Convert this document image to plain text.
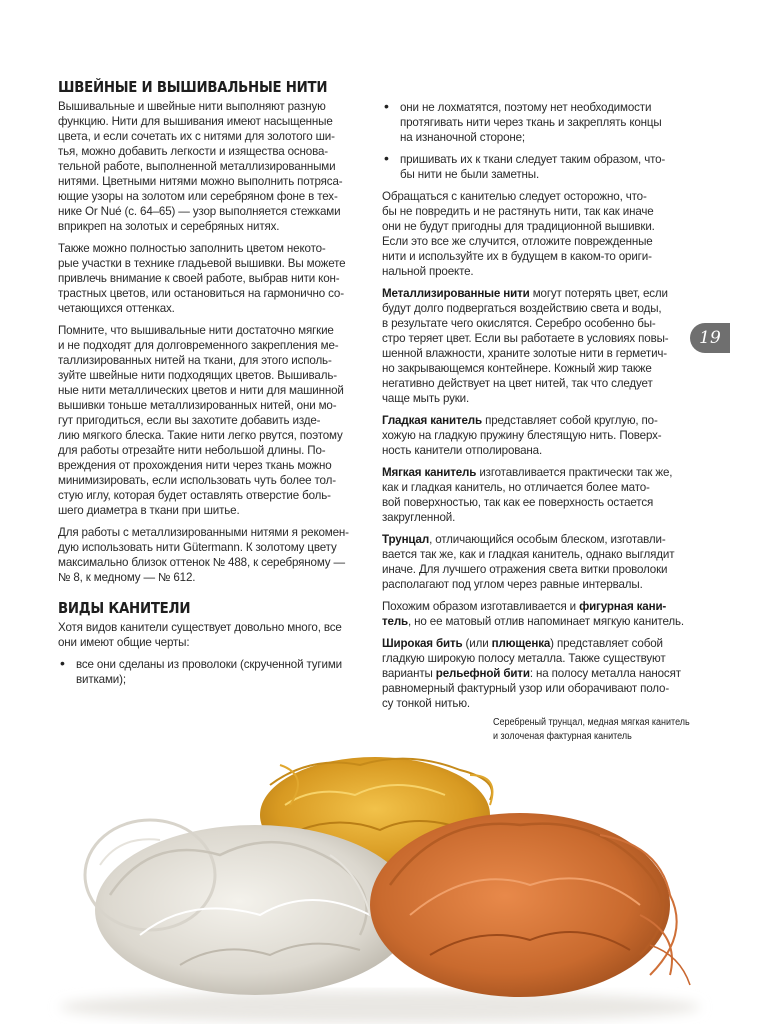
ШВЕЙНЫЕ И ВЫШИВАЛЬНЫЕ НИТИ

Вышивальные и швейные нити выполняют разную
функцию. Нити для вышивания имеют насыщенные
цвета, и если сочетать их с нитями для золотого ши-
тья, можно добавить легкости и изящества основа-
тельной работе, выполненной металлизированными
нитями. Цветными нитями можно выполнить потрясa-
ющие узоры на золотом или серебряном фоне в тех-
нике Or Nué (с. 64–65) — узор выполняется стежками
вприкреп на золотых и серебряных нитях.

Также можно полностью заполнить цветом некото-
рые участки в технике гладьевой вышивки. Вы можете
привлечь внимание к своей работе, выбрав нити кон-
трастных цветов, или остановиться на гармонично со-
четающихся оттенках.

Помните, что вышивальные нити достаточно мягкие
и не подходят для долговременного закрепления ме-
таллизированных нитей на ткани, для этого исполь-
зуйте швейные нити подходящих цветов. Вышиваль-
ные нити металлических цветов и нити для машинной
вышивки тоньше металлизированных нитей, они мо-
гут пригодиться, если вы захотите добавить изде-
лию мягкого блеска. Такие нити легко рвутся, поэтому
для работы отрезайте нити небольшой длины. По-
вреждения от прохождения нити через ткань можно
минимизировать, если использовать чуть более тол-
стую иглу, которая будет оставлять отверстие боль-
шего диаметра в ткани при шитье.

Для работы с металлизированными нитями я рекомен-
дую использовать нити Gütermann. К золотому цвету
максимально близок оттенок № 488, к серебряному —
№ 8, к медному — № 612.

ВИДЫ КАНИТЕЛИ

Хотя видов канители существует довольно много, все
они имеют общие черты:

• все они сделаны из проволоки (скрученной тугими
витками);

• они не лохматятся, поэтому нет необходимости
протягивать нити через ткань и закреплять концы
на изнаночной стороне;

• пришивать их к ткани следует таким образом, что-
бы нити не были заметны.

Обращаться с канителью следует осторожно, что-
бы не повредить и не растянуть нити, так как иначе
они не будут пригодны для традиционной вышивки.
Если это все же случится, отложите поврежденные
нити и используйте их в будущем в каком-то ориги-
нальной проекте.

Металлизированные нити могут потерять цвет, если
будут долго подвергаться воздействию света и воды,
в результате чего окислятся. Серебро особенно бы-
стро теряет цвет. Если вы работаете в условиях повы-
шенной влажности, храните золотые нити в герметич-
но закрывающемся контейнере. Кожный жир также
негативно действует на цвет нитей, так что следует
чаще мыть руки.

Гладкая канитель представляет собой круглую, по-
хожую на гладкую пружину блестящую нить. Поверх-
ность канители отполирована.

Мягкая канитель изготавливается практически так же,
как и гладкая канитель, но отличается более мато-
вой поверхностью, так как ее поверхность остается
закругленной.

Трунцал, отличающийся особым блеском, изготавли-
вается так же, как и гладкая канитель, однако выглядит
иначе. Для лучшего отражения света витки проволоки
располагают под углом через равные интервалы.

Похожим образом изготавливается и фигурная кани-
тель, но ее матовый отлив напоминает мягкую канитель.

Широкая бить (или плющенка) представляет собой
гладкую широкую полосу металла. Также существуют
варианты рельефной бити: на полосу металла наносят
равномерный фактурный узор или оборачивают поло-
су тонкой нитью.

19
Серебреный трунцал, медная мягкая канитель
и золоченая фактурная канитель
